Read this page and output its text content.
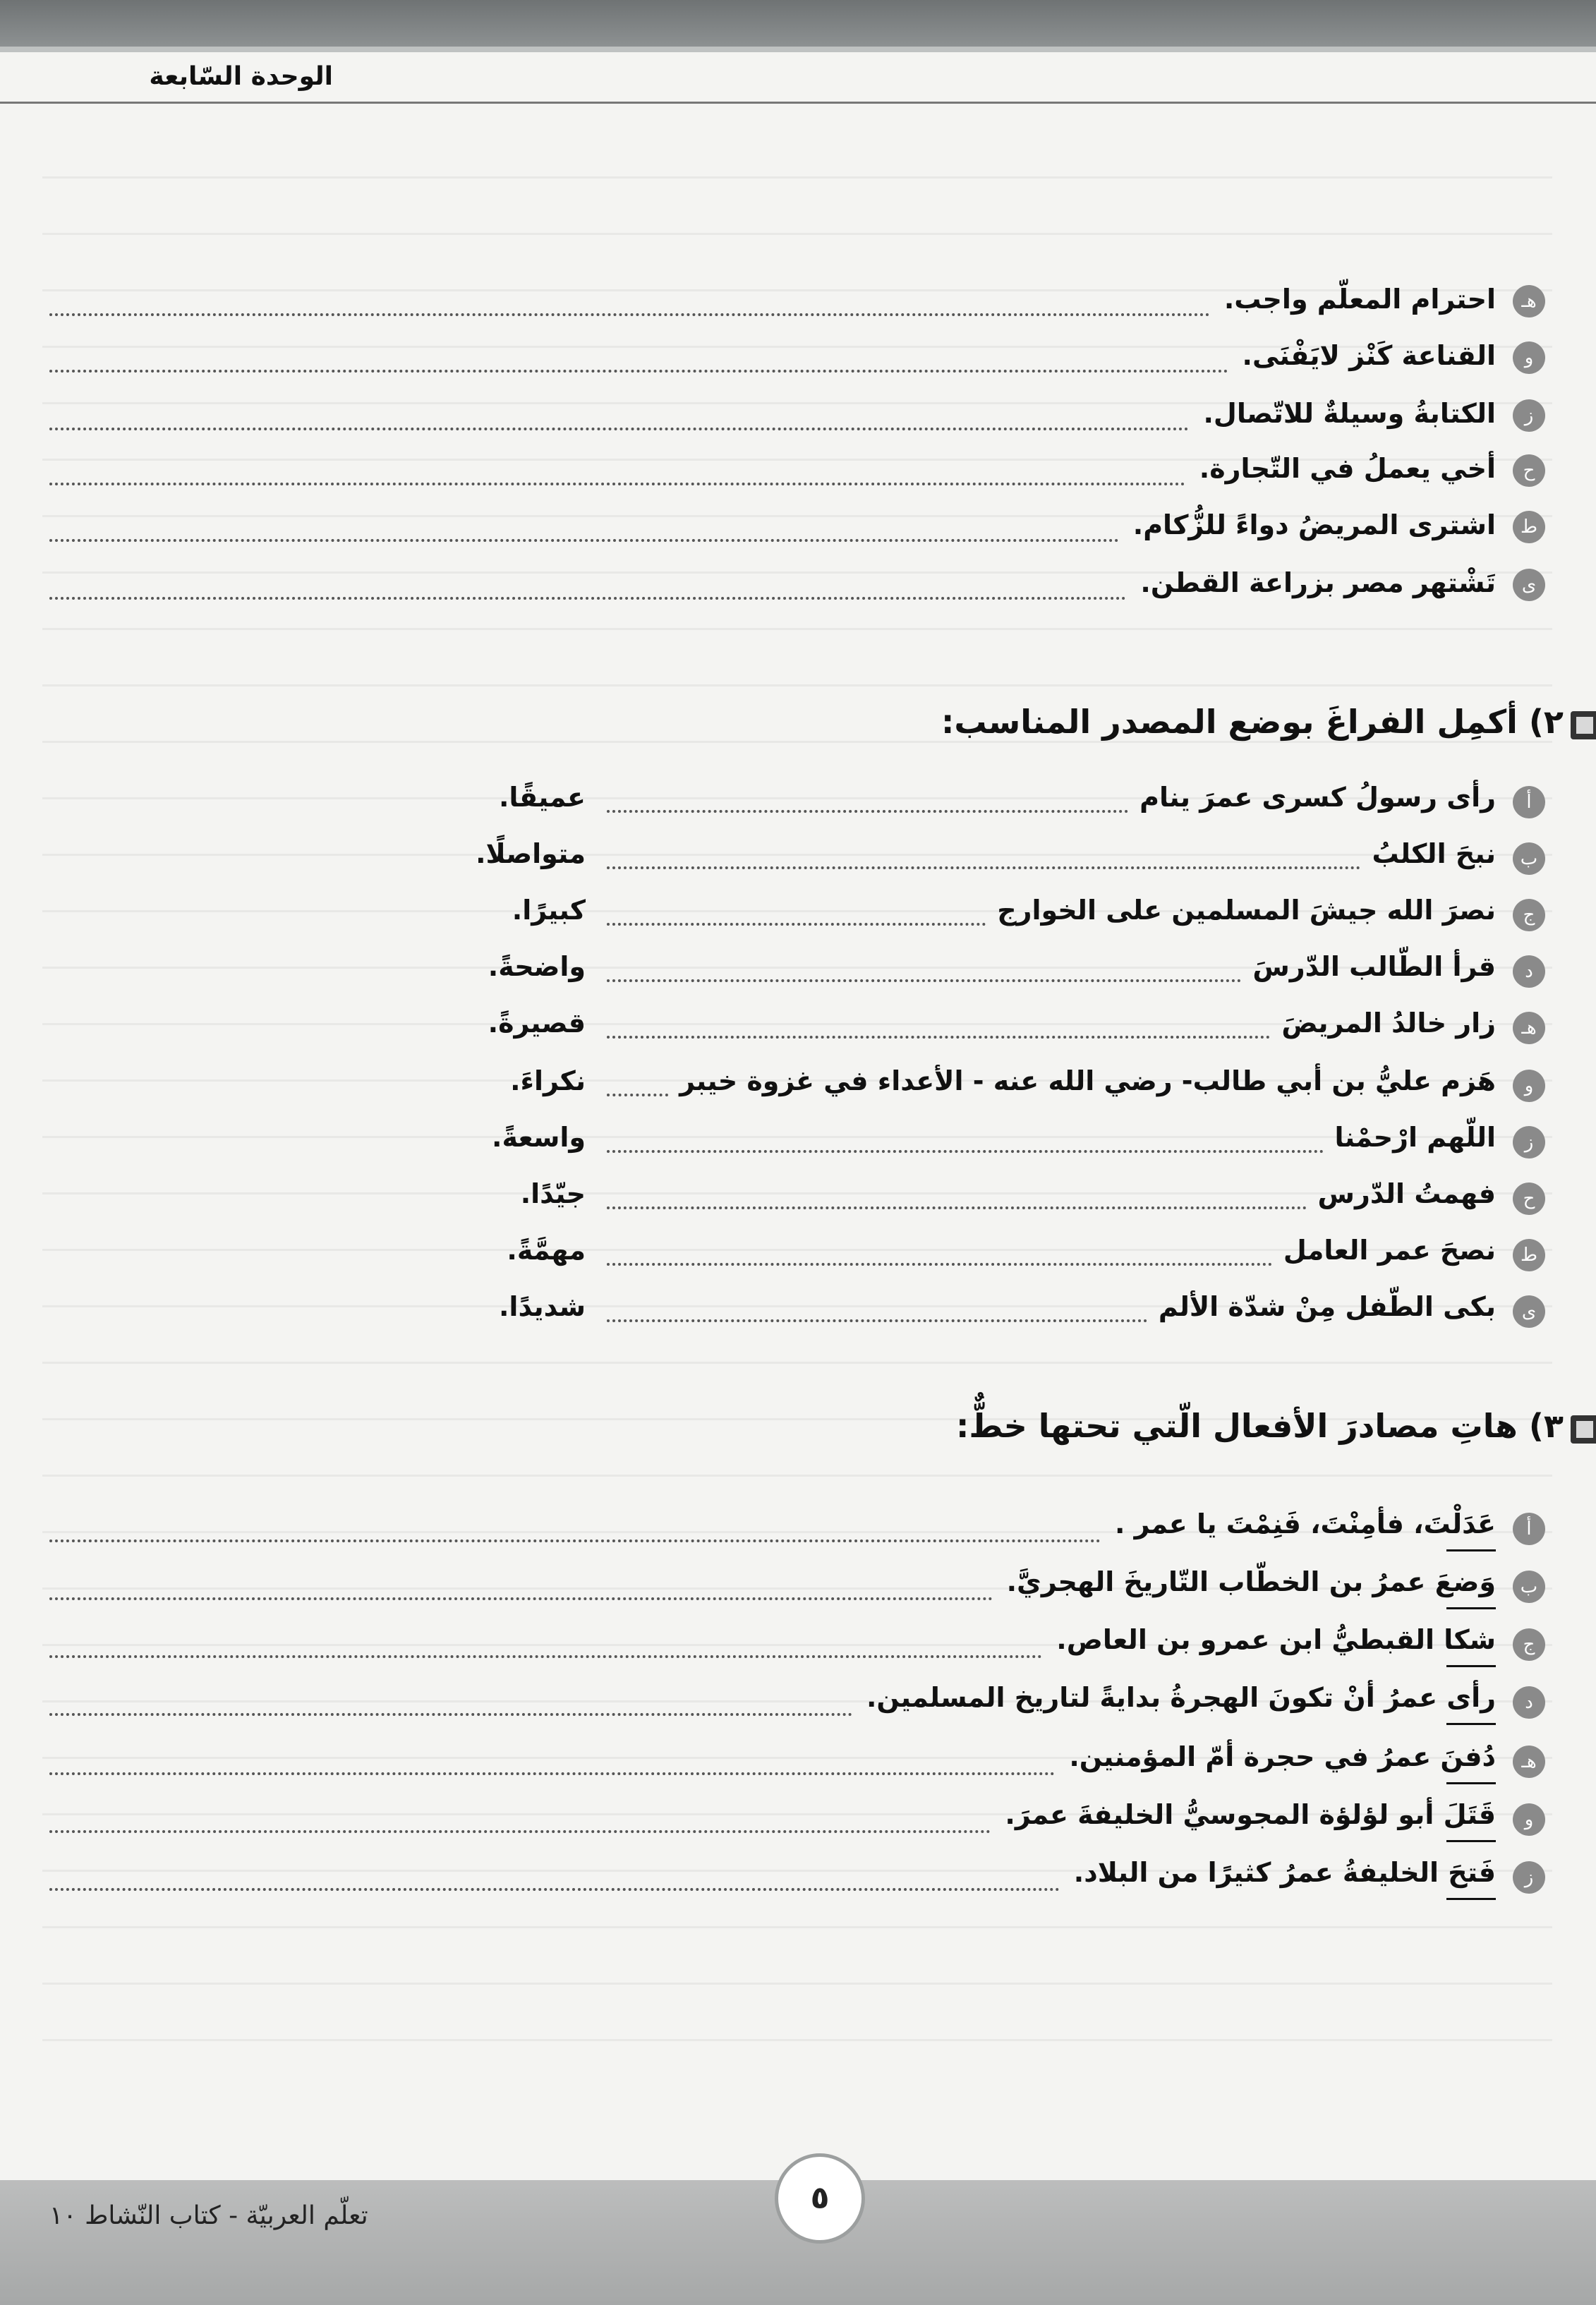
الوحدة السّابعة
هـ
احترام المعلّم واجب.
و
القناعة كَنْز لايَفْنَى.
ز
الكتابةُ وسيلةٌ للاتّصال.
ح
أخي يعملُ في التّجارة.
ط
اشترى المريضُ دواءً للزُّكام.
ى
تَشْتهر مصر بزراعة القطن.
٢) أكمِل الفراغَ بوضع المصدر المناسب:
أ
رأى رسولُ كسرى عمرَ ينام
عميقًا.
ب
نبحَ الكلبُ
متواصلًا.
ج
نصرَ الله جيشَ المسلمين على الخوارج
كبيرًا.
د
قرأ الطّالب الدّرسَ
واضحةً.
هـ
زار خالدُ المريضَ
قصيرةً.
و
هَزم عليُّ بن أبي طالب- رضي الله عنه - الأعداء في غزوة خيبر
نكراءَ.
ز
اللّهم ارْحمْنا
واسعةً.
ح
فهمتُ الدّرس
جيّدًا.
ط
نصحَ عمر العامل
مهمَّةً.
ى
بكى الطّفل مِنْ شدّة الألم
شديدًا.
٣) هاتِ مصادرَ الأفعال الّتي تحتها خطٌّ:
أ
عَدَلْتَ، فأمِنْتَ، فَنِمْتَ يا عمر .
ب
وَضعَ عمرُ بن الخطّاب التّاريخَ الهجريَّ.
ج
شكا القبطيُّ ابن عمرو بن العاص.
د
رأى عمرُ أنْ تكونَ الهجرةُ بدايةً لتاريخ المسلمين.
هـ
دُفنَ عمرُ في حجرة أمّ المؤمنين.
و
قَتَلَ أبو لؤلؤة المجوسيُّ الخليفةَ عمرَ.
ز
فَتحَ الخليفةُ عمرُ كثيرًا من البلاد.
٥
تعلّم العربيّة - كتاب النّشاط ١٠
